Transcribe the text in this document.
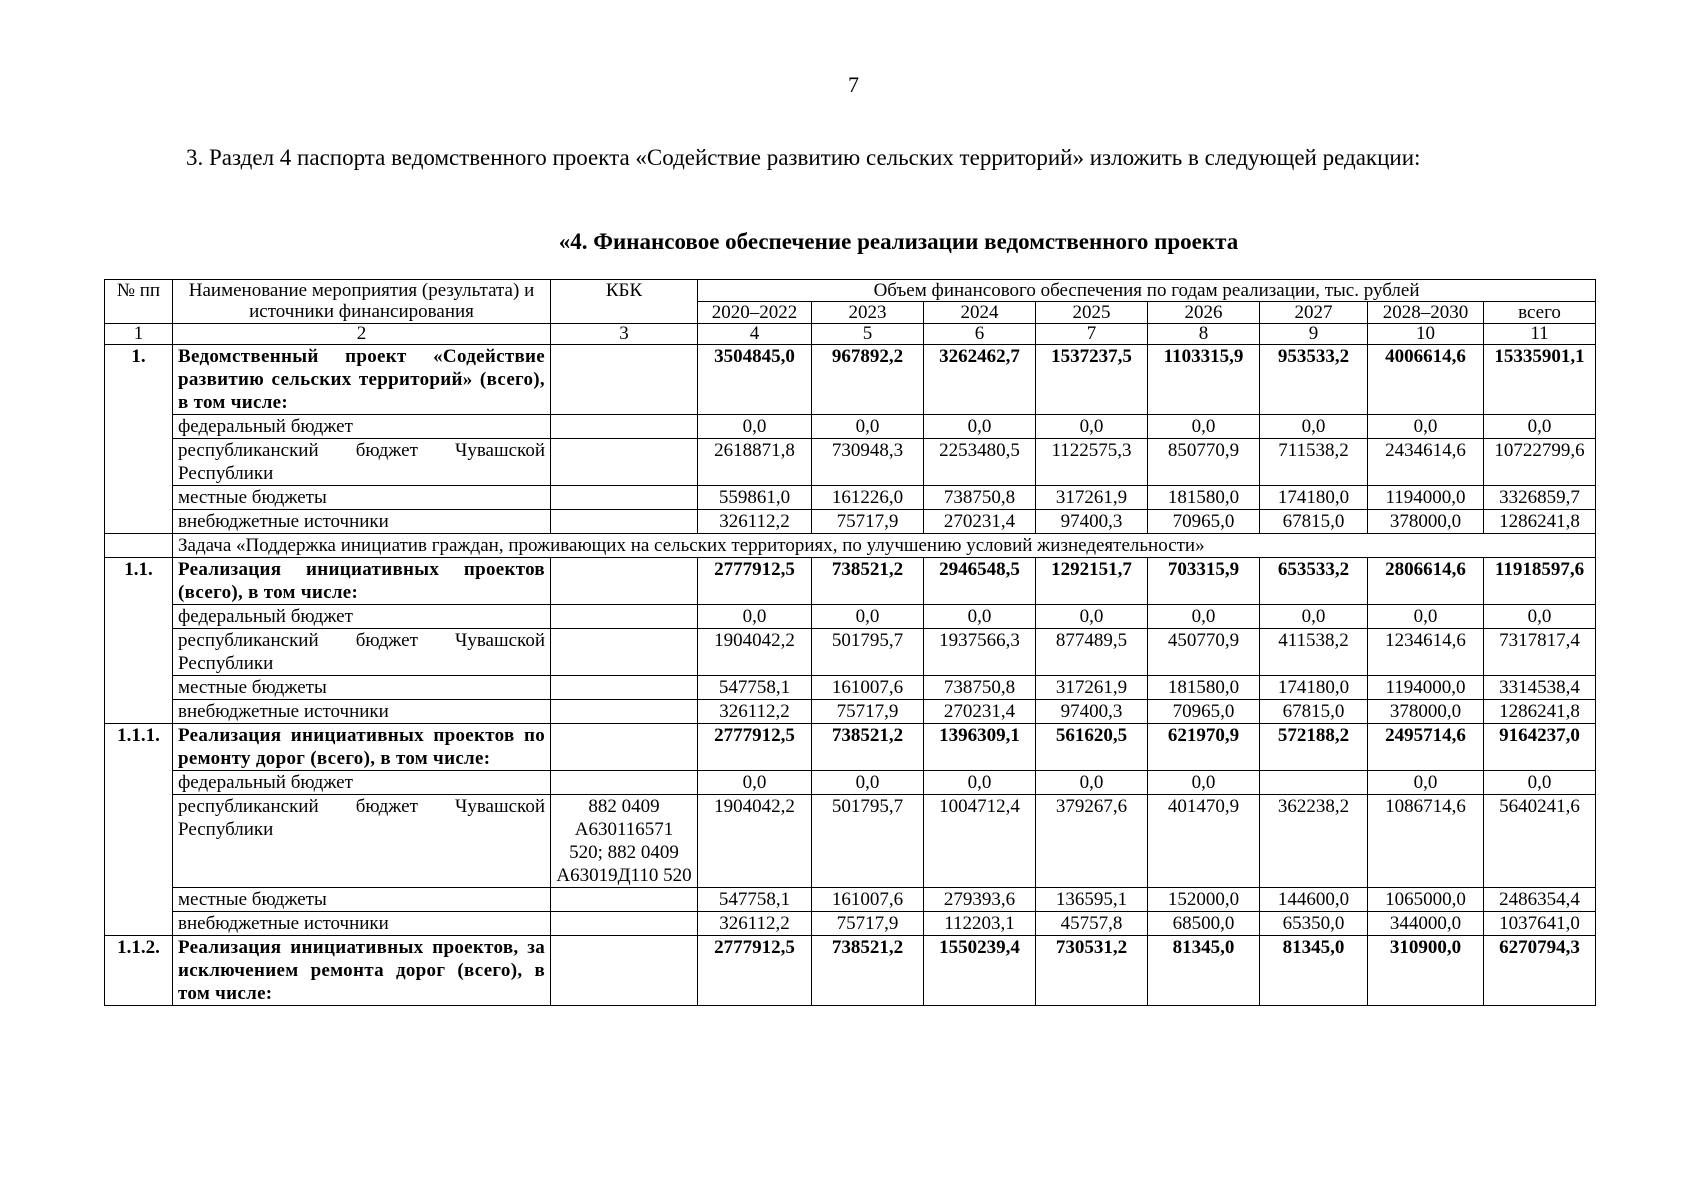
7
3. Раздел 4 паспорта ведомственного проекта «Содействие развитию сельских территорий» изложить в следующей редакции:
«4. Финансовое обеспечение реализации ведомственного проекта
№ пп	Наименование мероприятия (результата) и источники финансирования	КБК	Объем финансового обеспечения по годам реализации, тыс. рублей							
			2020–2022	2023	2024	2025	2026	2027	2028–2030	всего
1	2	3	4	5	6	7	8	9	10	11
1.	Ведомственный проект «Содействие развитию сельских территорий» (всего), в том числе:		3504845,0	967892,2	3262462,7	1537237,5	1103315,9	953533,2	4006614,6	15335901,1
	федеральный бюджет		0,0	0,0	0,0	0,0	0,0	0,0	0,0	0,0
	республиканский бюджет Чувашской Республики		2618871,8	730948,3	2253480,5	1122575,3	850770,9	711538,2	2434614,6	10722799,6
	местные бюджеты		559861,0	161226,0	738750,8	317261,9	181580,0	174180,0	1194000,0	3326859,7
	внебюджетные источники		326112,2	75717,9	270231,4	97400,3	70965,0	67815,0	378000,0	1286241,8
	Задача «Поддержка инициатив граждан, проживающих на сельских территориях, по улучшению условий жизнедеятельности»									
1.1.	Реализация инициативных проектов (всего), в том числе:		2777912,5	738521,2	2946548,5	1292151,7	703315,9	653533,2	2806614,6	11918597,6
	федеральный бюджет		0,0	0,0	0,0	0,0	0,0	0,0	0,0	0,0
	республиканский бюджет Чувашской Республики		1904042,2	501795,7	1937566,3	877489,5	450770,9	411538,2	1234614,6	7317817,4
	местные бюджеты		547758,1	161007,6	738750,8	317261,9	181580,0	174180,0	1194000,0	3314538,4
	внебюджетные источники		326112,2	75717,9	270231,4	97400,3	70965,0	67815,0	378000,0	1286241,8
1.1.1.	Реализация инициативных проектов по ремонту дорог (всего), в том числе:		2777912,5	738521,2	1396309,1	561620,5	621970,9	572188,2	2495714,6	9164237,0
	федеральный бюджет		0,0	0,0	0,0	0,0	0,0		0,0	0,0
	республиканский бюджет Чувашской Республики	882 0409 А630116571 520; 882 0409 А63019Д110 520	1904042,2	501795,7	1004712,4	379267,6	401470,9	362238,2	1086714,6	5640241,6
	местные бюджеты		547758,1	161007,6	279393,6	136595,1	152000,0	144600,0	1065000,0	2486354,4
	внебюджетные источники		326112,2	75717,9	112203,1	45757,8	68500,0	65350,0	344000,0	1037641,0
1.1.2.	Реализация инициативных проектов, за исключением ремонта дорог (всего), в том числе:		2777912,5	738521,2	1550239,4	730531,2	81345,0	81345,0	310900,0	6270794,3
